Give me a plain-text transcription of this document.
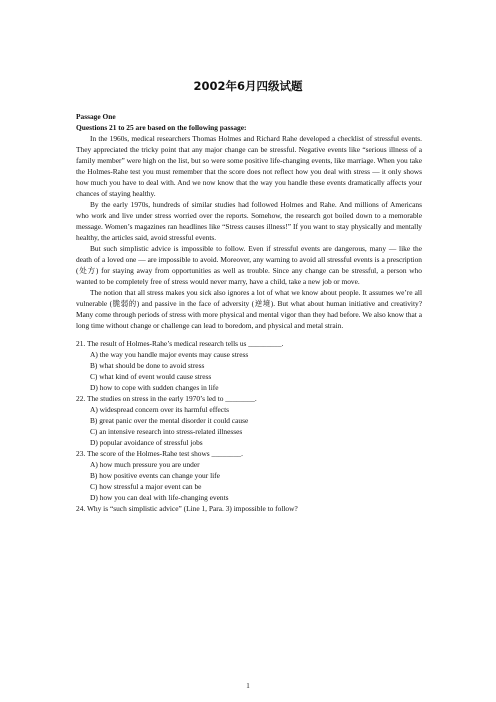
2002年6月四级试题

Passage One

Questions 21 to 25 are based on the following passage:

In the 1960s, medical researchers Thomas Holmes and Richard Rahe developed a checklist of stressful events. They appreciated the tricky point that any major change can be stressful. Negative events like “serious illness of a family member” were high on the list, but so were some positive life-changing events, like marriage. When you take the Holmes-Rahe test you must remember that the score does not reflect how you deal with stress — it only shows how much you have to deal with. And we now know that the way you handle these events dramatically affects your chances of staying healthy.

By the early 1970s, hundreds of similar studies had followed Holmes and Rahe. And millions of Americans who work and live under stress worried over the reports. Somehow, the research got boiled down to a memorable message. Women’s magazines ran headlines like “Stress causes illness!” If you want to stay physically and mentally healthy, the articles said, avoid stressful events.

But such simplistic advice is impossible to follow. Even if stressful events are dangerous, many — like the death of a loved one — are impossible to avoid. Moreover, any warning to avoid all stressful events is a prescription (处方) for staying away from opportunities as well as trouble. Since any change can be stressful, a person who wanted to be completely free of stress would never marry, have a child, take a new job or move.

The notion that all stress makes you sick also ignores a lot of what we know about people. It assumes we’re all vulnerable (脆弱的) and passive in the face of adversity (逆境). But what about human initiative and creativity? Many come through periods of stress with more physical and mental vigor than they had before. We also know that a long time without change or challenge can lead to boredom, and physical and metal strain.

21. The result of Holmes-Rahe’s medical research tells us _________.

A) the way you handle major events may cause stress

B) what should be done to avoid stress

C) what kind of event would cause stress

D) how to cope with sudden changes in life

22. The studies on stress in the early 1970’s led to ________.

A) widespread concern over its harmful effects

B) great panic over the mental disorder it could cause

C) an intensive research into stress-related illnesses

D) popular avoidance of stressful jobs

23. The score of the Holmes-Rahe test shows ________.

A) how much pressure you are under

B) how positive events can change your life

C) how stressful a major event can be

D) how you can deal with life-changing events

24. Why is “such simplistic advice” (Line 1, Para. 3) impossible to follow?

1
